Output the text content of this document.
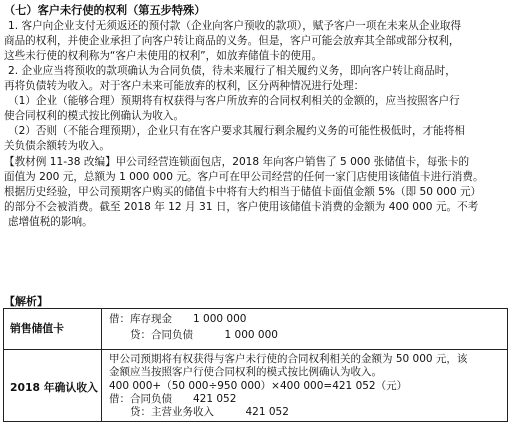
（七）客户未行使的权利（第五步特殊）
1. 客户向企业支付无须返还的预付款（企业向客户预收的款项），赋予客户一项在未来从企业取得
商品的权利，并使企业承担了向客户转让商品的义务。但是，客户可能会放弃其全部或部分权利，
这些未行使的权利称为“客户未使用的权利”，如放弃储值卡的使用。
2. 企业应当将预收的款项确认为合同负债，待未来履行了相关履约义务，即向客户转让商品时，
再将负债转为收入。对于客户未来可能放弃的权利，区分两种情况进行处理：
（1）企业（能够合理）预期将有权获得与客户所放弃的合同权利相关的金额的，应当按照客户行
使合同权利的模式按比例确认为收入。
（2）否则（不能合理预期），企业只有在客户要求其履行剩余履约义务的可能性极低时，才能将相
关负债余额转为收入。
【教材例 11-38 改编】甲公司经营连锁面包店，2018 年向客户销售了 5 000 张储值卡，每张卡的
面值为 200 元，总额为 1 000 000 元。客户可在甲公司经营的任何一家门店使用该储值卡进行消费。
根据历史经验，甲公司预期客户购买的储值卡中将有大约相当于储值卡面值金额 5%（即 50 000 元）
的部分不会被消费。截至 2018 年 12 月 31 日，客户使用该储值卡消费的金额为 400 000 元。不考
虑增值税的影响。
【解析】
销售储值卡
借：库存现金　　1 000 000
　　贷：合同负债　　　1 000 000
2018 年确认收入
甲公司预期将有权获得与客户未行使的合同权利相关的金额为 50 000 元，该
金额应当按照客户行使合同权利的模式按比例确认为收入。
400 000+（50 000÷950 000）×400 000=421 052（元）
借：合同负债　　421 052
　　贷：主营业务收入　　　421 052
